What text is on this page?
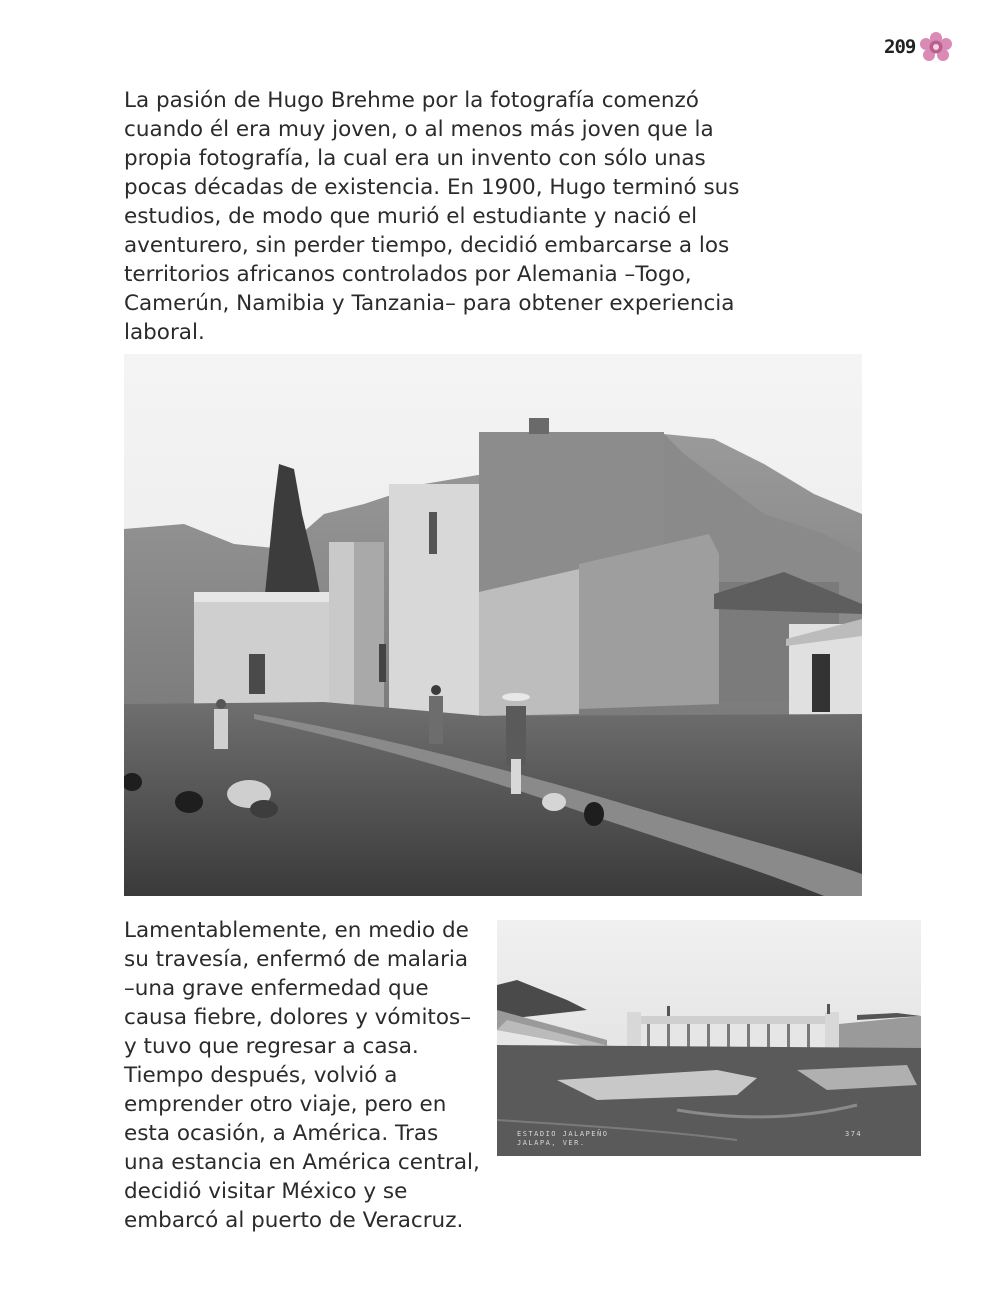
209

La pasión de Hugo Brehme por la fotografía comenzó cuando él era muy joven, o al menos más joven que la propia fotografía, la cual era un invento con sólo unas pocas décadas de existencia. En 1900, Hugo terminó sus estudios, de modo que murió el estudiante y nació el aventurero, sin perder tiempo, decidió embarcarse a los territorios africanos controlados por Alemania –Togo, Camerún, Namibia y Tanzania– para obtener experiencia laboral.

Lamentablemente, en medio de su travesía, enfermó de malaria –una grave enfermedad que causa fiebre, dolores y vómitos– y tuvo que regresar a casa. Tiempo después, volvió a emprender otro viaje, pero en esta ocasión, a América. Tras una estancia en América central, decidió visitar México y se embarcó al puerto de Veracruz.

ESTADIO JALAPEÑO
JALAPA, VER.
374
